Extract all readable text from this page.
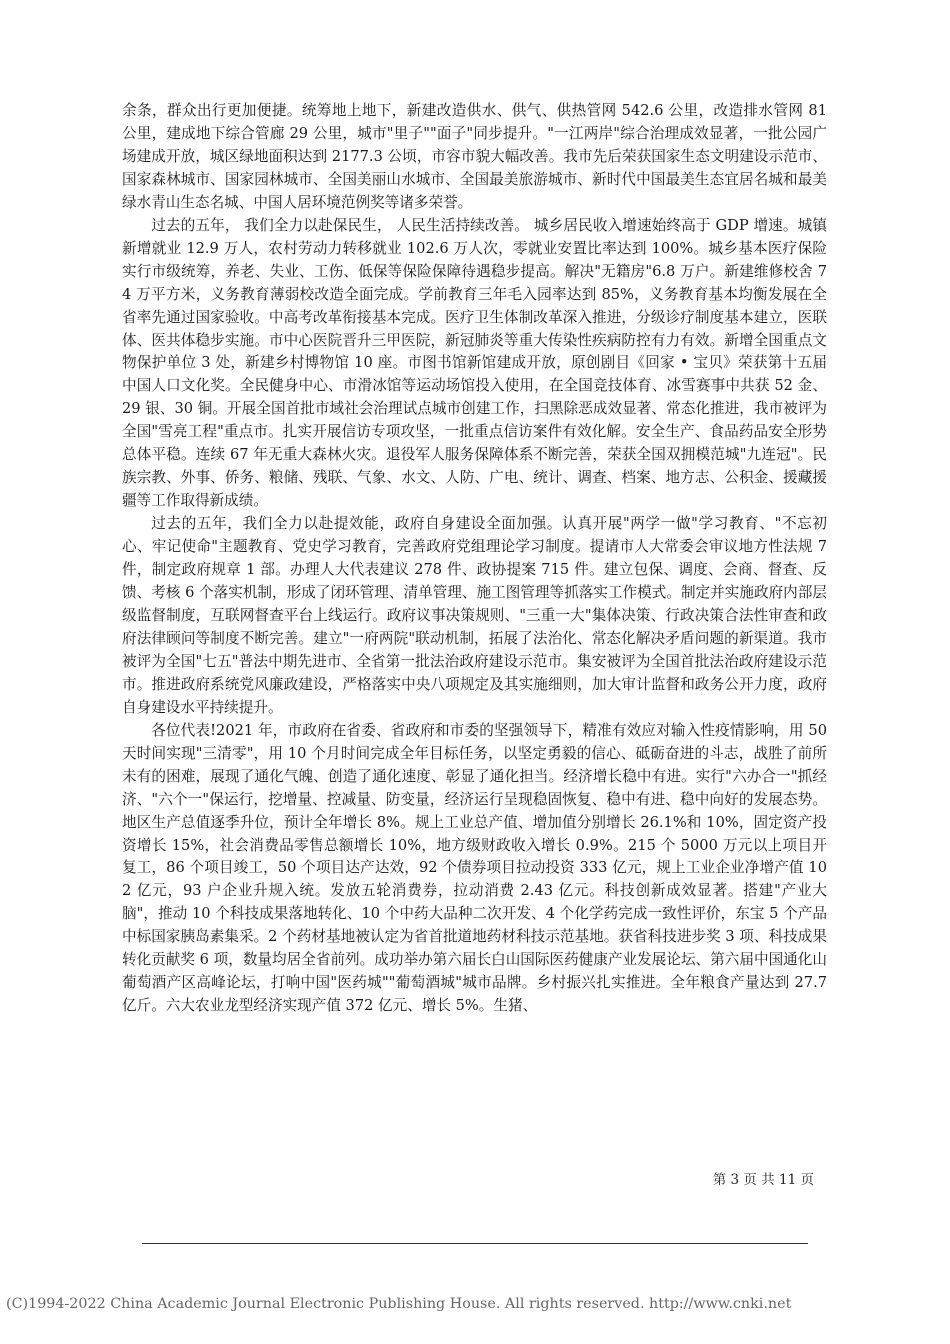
余条，群众出行更加便捷。统筹地上地下，新建改造供水、供气、供热管网 542.6 公里，改造排水管网 81 公里，建成地下综合管廊 29 公里，城市"里子""面子"同步提升。"一江两岸"综合治理成效显著，一批公园广场建成开放，城区绿地面积达到 2177.3 公顷，市容市貌大幅改善。我市先后荣获国家生态文明建设示范市、国家森林城市、国家园林城市、全国美丽山水城市、全国最美旅游城市、新时代中国最美生态宜居名城和最美绿水青山生态名城、中国人居环境范例奖等诸多荣誉。

过去的五年， 我们全力以赴保民生， 人民生活持续改善。 城乡居民收入增速始终高于 GDP 增速。城镇新增就业 12.9 万人，农村劳动力转移就业 102.6 万人次，零就业安置比率达到 100%。城乡基本医疗保险实行市级统筹，养老、失业、工伤、低保等保险保障待遇稳步提高。解决"无籍房"6.8 万户。新建维修校舍 74 万平方米，义务教育薄弱校改造全面完成。学前教育三年毛入园率达到 85%，义务教育基本均衡发展在全省率先通过国家验收。中高考改革衔接基本完成。医疗卫生体制改革深入推进，分级诊疗制度基本建立，医联体、医共体稳步实施。市中心医院晋升三甲医院，新冠肺炎等重大传染性疾病防控有力有效。新增全国重点文物保护单位 3 处，新建乡村博物馆 10 座。市图书馆新馆建成开放，原创剧目《回家 • 宝贝》荣获第十五届中国人口文化奖。全民健身中心、市滑冰馆等运动场馆投入使用，在全国竞技体育、冰雪赛事中共获 52 金、29 银、30 铜。开展全国首批市域社会治理试点城市创建工作，扫黑除恶成效显著、常态化推进，我市被评为全国"雪亮工程"重点市。扎实开展信访专项攻坚，一批重点信访案件有效化解。安全生产、食品药品安全形势总体平稳。连续 67 年无重大森林火灾。退役军人服务保障体系不断完善，荣获全国双拥模范城"九连冠"。民族宗教、外事、侨务、粮储、残联、气象、水文、人防、广电、统计、调查、档案、地方志、公积金、援藏援疆等工作取得新成绩。

过去的五年，我们全力以赴提效能，政府自身建设全面加强。认真开展"两学一做"学习教育、"不忘初心、牢记使命"主题教育、党史学习教育，完善政府党组理论学习制度。提请市人大常委会审议地方性法规 7 件，制定政府规章 1 部。办理人大代表建议 278 件、政协提案 715 件。建立包保、调度、会商、督查、反馈、考核 6 个落实机制，形成了闭环管理、清单管理、施工图管理等抓落实工作模式。制定并实施政府内部层级监督制度，互联网督查平台上线运行。政府议事决策规则、"三重一大"集体决策、行政决策合法性审查和政府法律顾问等制度不断完善。建立"一府两院"联动机制，拓展了法治化、常态化解决矛盾问题的新渠道。我市被评为全国"七五"普法中期先进市、全省第一批法治政府建设示范市。集安被评为全国首批法治政府建设示范市。推进政府系统党风廉政建设，严格落实中央八项规定及其实施细则，加大审计监督和政务公开力度，政府自身建设水平持续提升。

各位代表!2021 年，市政府在省委、省政府和市委的坚强领导下，精准有效应对输入性疫情影响，用 50 天时间实现"三清零"，用 10 个月时间完成全年目标任务，以坚定勇毅的信心、砥砺奋进的斗志，战胜了前所未有的困难，展现了通化气魄、创造了通化速度、彰显了通化担当。经济增长稳中有进。实行"六办合一"抓经济、"六个一"保运行，挖增量、控减量、防变量，经济运行呈现稳固恢复、稳中有进、稳中向好的发展态势。地区生产总值逐季升位，预计全年增长 8%。规上工业总产值、增加值分别增长 26.1%和 10%，固定资产投资增长 15%，社会消费品零售总额增长 10%，地方级财政收入增长 0.9%。215 个 5000 万元以上项目开复工，86 个项目竣工，50 个项目达产达效，92 个债券项目拉动投资 333 亿元，规上工业企业净增产值 102 亿元，93 户企业升规入统。发放五轮消费券，拉动消费 2.43 亿元。科技创新成效显著。搭建"产业大脑"，推动 10 个科技成果落地转化、10 个中药大品种二次开发、4 个化学药完成一致性评价，东宝 5 个产品中标国家胰岛素集采。2 个药材基地被认定为省首批道地药材科技示范基地。获省科技进步奖 3 项、科技成果转化贡献奖 6 项，数量均居全省前列。成功举办第六届长白山国际医药健康产业发展论坛、第六届中国通化山葡萄酒产区高峰论坛，打响中国"医药城""葡萄酒城"城市品牌。乡村振兴扎实推进。全年粮食产量达到 27.7 亿斤。六大农业龙型经济实现产值 372 亿元、增长 5%。生猪、

第 3 页 共 11 页
(C)1994-2022 China Academic Journal Electronic Publishing House. All rights reserved. http://www.cnki.net
